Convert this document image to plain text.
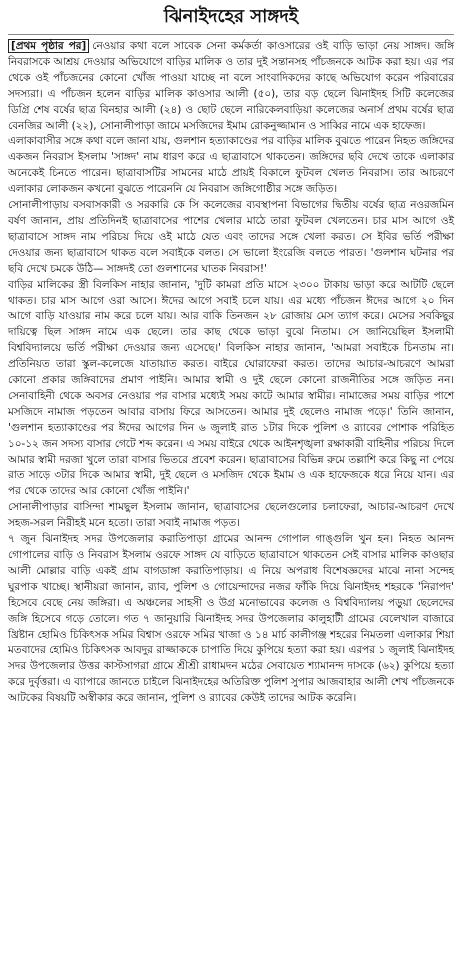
ঝিনাইদহের সাঙ্গদই

[প্রথম পৃষ্ঠার পর] নেওয়ার কথা বলে সাবেক সেনা কর্মকর্তা কাওসারের ওই বাড়ি ভাড়া নেয় সাঙ্গদ। জঙ্গি নিবরাসকে আশ্রয় দেওয়ার অভিযোগে বাড়ির মালিক ও তার দুই সন্তানসহ পাঁচজনকে আটক করা হয়। এর পর থেকে ওই পাঁচজনের কোনো খোঁজ পাওয়া যাচ্ছে না বলে সাংবাদিকদের কাছে অভিযোগ করেন পরিবারের সদস্যরা। এ পাঁচজন হলেন বাড়ির মালিক কাওসার আলী (৫০), তার বড় ছেলে ঝিনাইদহ সিটি কলেজের ডিগ্রি শেষ বর্ষের ছাত্র বিনহার আলী (২৪) ও ছোট ছেলে নারিকেলবাড়িয়া কলেজের অনার্স প্রথম বর্ষের ছাত্র বেনজির আলী (২২), সোনালীপাড়া জামে মসজিদের ইমাম রোকনুজ্জামান ও সাব্বির নামে এক হাফেজ।

এলাকাবাসীর সঙ্গে কথা বলে জানা যায়, গুলশান হত্যাকাণ্ডের পর বাড়ির মালিক বুঝতে পারেন নিহত জঙ্গিদের একজন নিবরাস ইসলাম 'সাঙ্গদ' নাম ধারণ করে এ ছাত্রাবাসে থাকতেন। জঙ্গিদের ছবি দেখে তাকে এলাকার অনেকেই চিনতে পারেন। ছাত্রাবাসটির সামনের মাঠে প্রায়ই বিকালে ফুটবল খেলত নিবরাস। তার আচরণে এলাকার লোকজন কখনো বুঝতে পারেননি যে নিবরাস জঙ্গিগোষ্ঠীর সঙ্গে জড়িত।

সোনালীপাড়ায় বসবাসকারী ও সরকারি কে সি কলেজের ব্যবস্থাপনা বিভাগের দ্বিতীয় বর্ষের ছাত্র নওরজমিন বর্ষণ জানান, প্রায় প্রতিদিনই ছাত্রাবাসের পাশের খেলার মাঠে তারা ফুটবল খেলতেন। চার মাস আগে ওই ছাত্রাবাসে সাঙ্গদ নাম পরিচয় দিয়ে ওই মাঠে যেত এবং তাদের সঙ্গে খেলা করত। সে ইবির ভর্তি পরীক্ষা দেওয়ার জন্য ছাত্রাবাসে থাকত বলে সবাইকে বলত। সে ভালো ইংরেজি বলতে পারত। 'গুলশান ঘটনার পর ছবি দেখে চমকে উঠি— সাঙ্গদই তো গুলশানের ঘাতক নিবরাস!'

বাড়ির মালিকের স্ত্রী বিলকিস নাহার জানান, 'দুটি কামরা প্রতি মাসে ২৩০০ টাকায় ভাড়া করে আটটি ছেলে থাকত। চার মাস আগে ওরা আসে। ঈদের আগে সবাই চলে যায়। এর মধ্যে পাঁচজন ঈদের আগে ২০ দিন আগে বাড়ি যাওয়ার নাম করে চলে যায়। আর বাকি তিনজন ২৮ রোজায় মেস ত্যাগ করে। মেসের সবকিছুর দায়িত্বে ছিল সাঙ্গদ নামে এক ছেলে। তার কাছ থেকে ভাড়া বুঝে নিতাম। সে জানিয়েছিল ইসলামী বিশ্ববিদ্যালয়ে ভর্তি পরীক্ষা দেওয়ার জন্য এসেছে।' বিলকিস নাহার জানান, 'আমরা সবাইকে চিনতাম না। প্রতিনিয়ত তারা স্কুল-কলেজে যাতায়াত করত। বাইরে ঘোরাফেরা করত। তাদের আচার-আচরণে আমরা কোনো প্রকার জঙ্গিবাদের প্রমাণ পাইনি। আমার স্বামী ও দুই ছেলে কোনো রাজনীতির সঙ্গে জড়িত নন। সেনাবাহিনী থেকে অবসর নেওয়ার পর বাসার মধ্যেই সময় কাটে আমার স্বামীর। নামাজের সময় বাড়ির পাশে মসজিদে নামাজ পড়তেন আবার বাসায় ফিরে আসতেন। আমার দুই ছেলেও নামাজ পড়ে।' তিনি জানান, 'গুলশান হত্যাকাণ্ডের পর ঈদের আগের দিন ৬ জুলাই রাত ১টার দিকে পুলিশ ও র‍্যাবের পোশাক পরিহিত ১০-১২ জন সদস্য বাসার গেটে শব্দ করেন। এ সময় বাইরে থেকে আইনশৃঙ্খলা রক্ষাকারী বাহিনীর পরিচয় দিলে আমার স্বামী দরজা খুলে তারা বাসার ভিতরে প্রবেশ করেন। ছাত্রাবাসের বিভিন্ন রুমে তল্লাশি করে কিছু না পেয়ে রাত সাড়ে ৩টার দিকে আমার স্বামী, দুই ছেলে ও মসজিদ থেকে ইমাম ও এক হাফেজকে ধরে নিয়ে যান। এর পর থেকে তাদের আর কোনো খোঁজ পাইনি।'

সোনালীপাড়ার বাসিন্দা শামছুল ইসলাম জানান, ছাত্রাবাসের ছেলেগুলোর চলাফেরা, আচার-আচরণ দেখে সহজ-সরল নিরীহই মনে হতো। তারা সবাই নামাজ পড়ত।

৭ জুন ঝিনাইদহ সদর উপজেলার করাতিপাড়া গ্রামের আনন্দ গোপাল গাঙ্গুলি খুন হন। নিহত আনন্দ গোপালের বাড়ি ও নিবরাস ইসলাম ওরফে সাঙ্গদ যে বাড়িতে ছাত্রাবাসে থাকতেন সেই বাসার মালিক কাওছার আলী মোল্লার বাড়ি একই গ্রাম বাগডাঙ্গা করাতিপাড়ায়। এ নিয়ে অপরাধ বিশেষজ্ঞদের মাঝে নানা সন্দেহ ঘুরপাক খাচ্ছে। স্থানীয়রা জানান, র‍্যাব, পুলিশ ও গোয়েন্দাদের নজর ফাঁকি দিয়ে ঝিনাইদহ শহরকে 'নিরাপদ' হিসেবে বেছে নেয় জঙ্গিরা। এ অঞ্চলের সাহসী ও উগ্র মনোভাবের কলেজ ও বিশ্ববিদ্যালয় পড়ুয়া ছেলেদের জঙ্গি হিসেবে গড়ে তোলে। গত ৭ জানুয়ারি ঝিনাইদহ সদর উপজেলার কালুহাটী গ্রামের বেলেখাল বাজারে খ্রিষ্টান হোমিও চিকিৎসক সমির বিশ্বাস ওরফে সমির খাজা ও ১৪ মার্চ কালীগঞ্জ শহরের নিমতলা এলাকার শিয়া মতবাদের হোমিও চিকিৎসক আবদুর রাজ্জাককে চাপাতি দিয়ে কুপিয়ে হত্যা করা হয়। এরপর ১ জুলাই ঝিনাইদহ সদর উপজেলার উত্তর কাস্টসাগরা গ্রামে শ্রীশ্রী রাধামদন মঠের সেবায়েত শ্যামানন্দ দাসকে (৬২) কুপিয়ে হত্যা করে দুর্বৃত্তরা। এ ব্যাপারে জানতে চাইলে ঝিনাইদহের অতিরিক্ত পুলিশ সুপার আজবাহার আলী শেখ পাঁচজনকে আটকের বিষয়টি অস্বীকার করে জানান, পুলিশ ও র‍্যাবের কেউই তাদের আটক করেনি।
